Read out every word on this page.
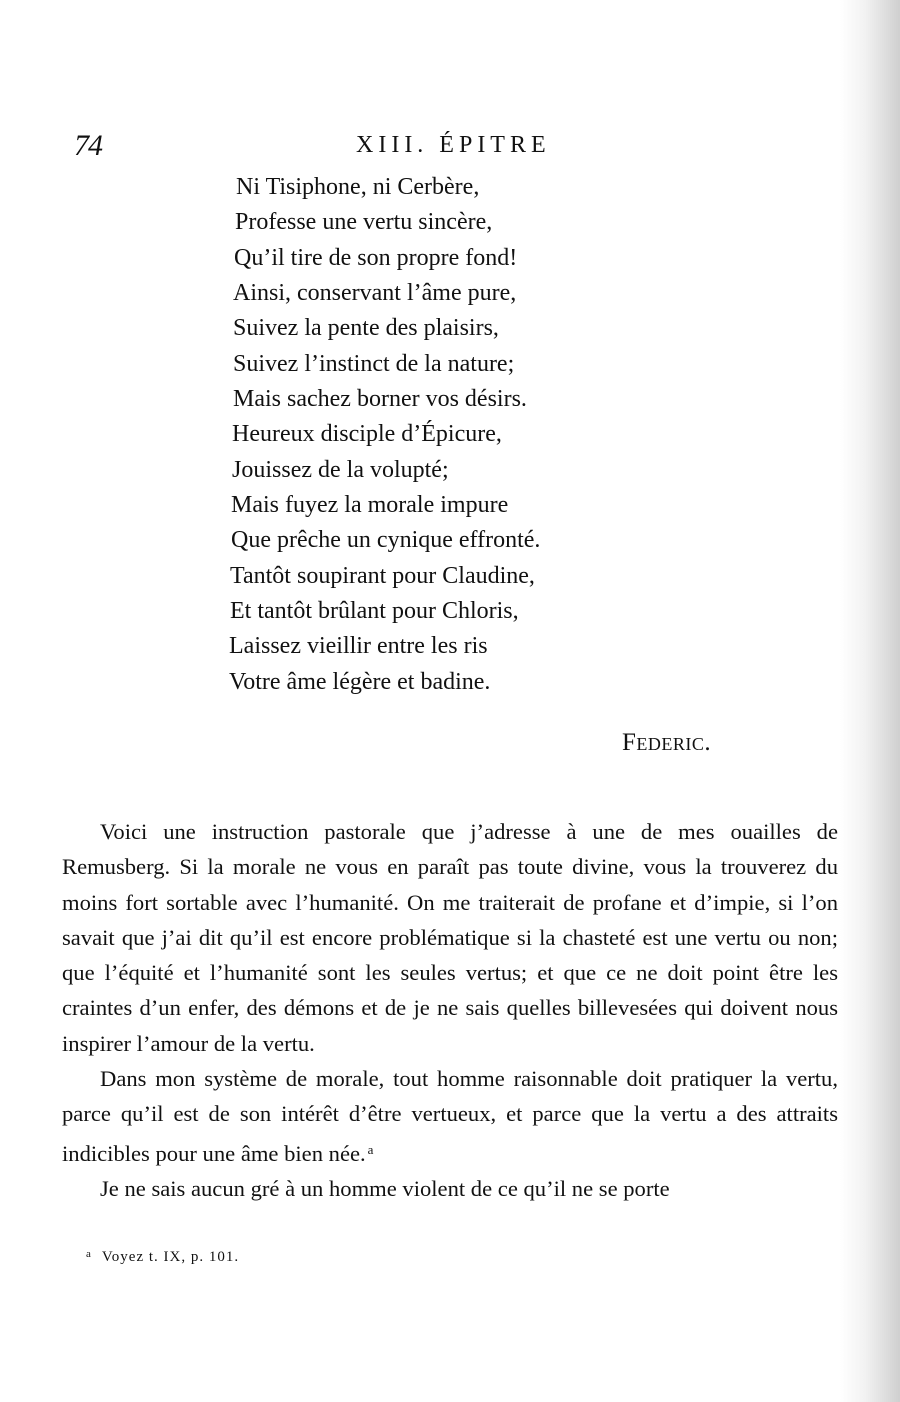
74	XIII. ÉPITRE
Ni Tisiphone, ni Cerbère,
Professe une vertu sincère,
Qu’il tire de son propre fond!
Ainsi, conservant l’âme pure,
Suivez la pente des plaisirs,
Suivez l’instinct de la nature;
Mais sachez borner vos désirs.
Heureux disciple d’Épicure,
Jouissez de la volupté;
Mais fuyez la morale impure
Que prêche un cynique effronté.
Tantôt soupirant pour Claudine,
Et tantôt brûlant pour Chloris,
Laissez vieillir entre les ris
Votre âme légère et badine.
Federic.

Voici une instruction pastorale que j’adresse à une de mes ouailles de Remusberg. Si la morale ne vous en paraît pas toute divine, vous la trouverez du moins fort sortable avec l’humanité. On me traiterait de profane et d’impie, si l’on savait que j’ai dit qu’il est encore problématique si la chasteté est une vertu ou non; que l’équité et l’humanité sont les seules vertus; et que ce ne doit point être les craintes d’un enfer, des démons et de je ne sais quelles billevesées qui doivent nous inspirer l’amour de la vertu.

Dans mon système de morale, tout homme raisonnable doit pratiquer la vertu, parce qu’il est de son intérêt d’être vertueux, et parce que la vertu a des attraits indicibles pour une âme bien née. $^a$

Je ne sais aucun gré à un homme violent de ce qu’il ne se porte

$^a$ Voyez t. IX, p. 101.
